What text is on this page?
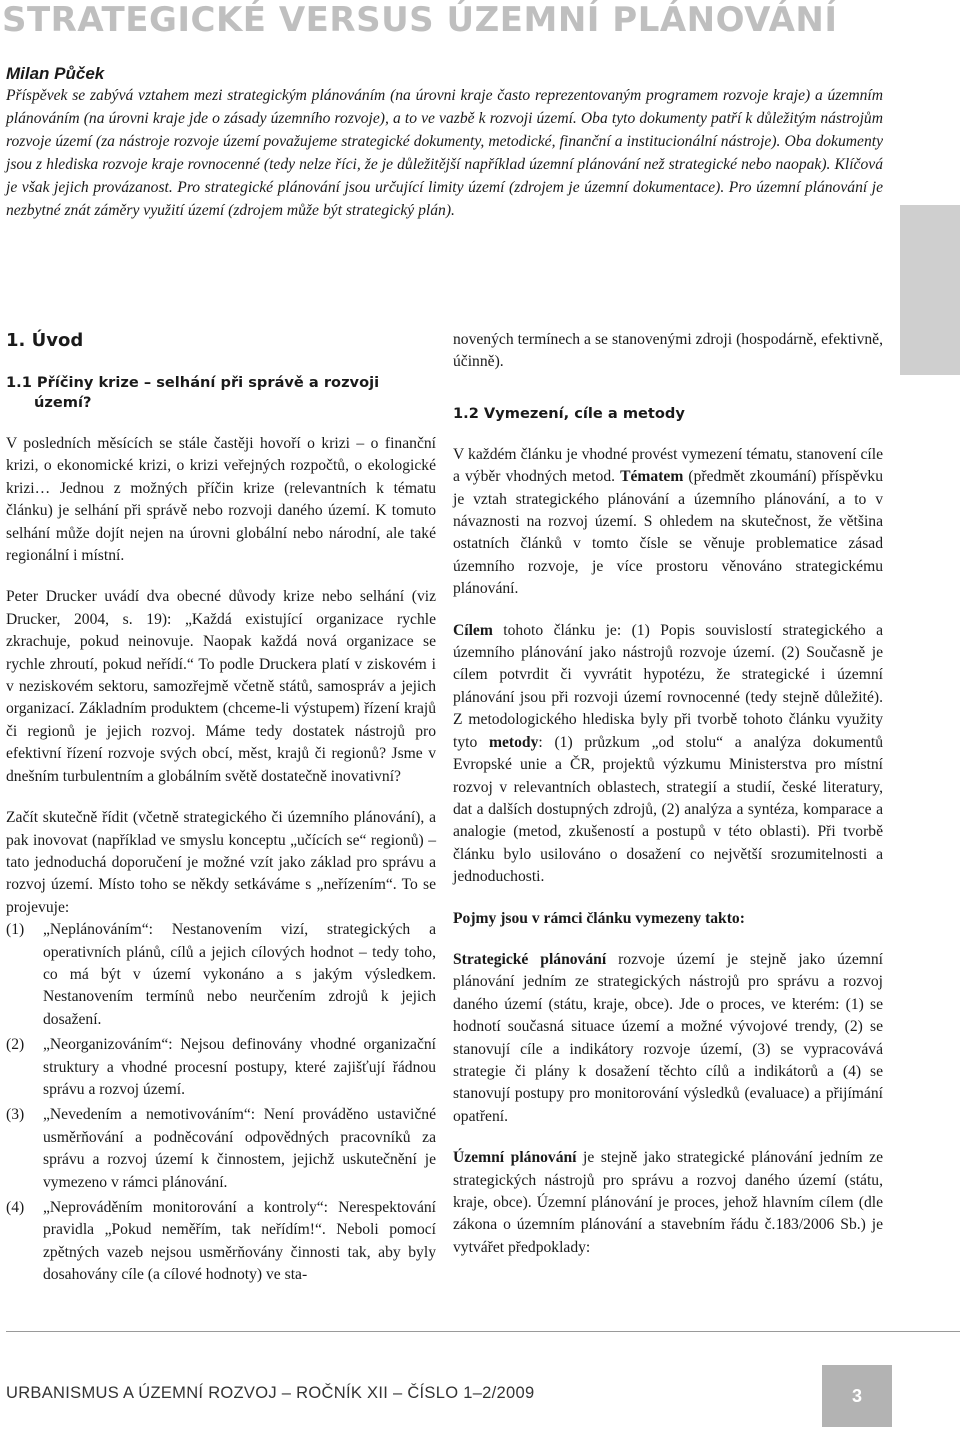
STRATEGICKÉ VERSUS ÚZEMNÍ PLÁNOVÁNÍ
Milan Půček

Příspěvek se zabývá vztahem mezi strategickým plánováním (na úrovni kraje často reprezentovaným programem rozvoje kraje) a územním plánováním (na úrovni kraje jde o zásady územního rozvoje), a to ve vazbě k rozvoji území. Oba tyto dokumenty patří k důležitým nástrojům rozvoje území (za nástroje rozvoje území považujeme strategické dokumenty, metodické, finanční a institucionální nástroje). Oba dokumenty jsou z hlediska rozvoje kraje rovnocenné (tedy nelze říci, že je důležitější například územní plánování než strategické nebo naopak). Klíčová je však jejich provázanost. Pro strategické plánování jsou určující limity území (zdrojem je územní dokumentace). Pro územní plánování je nezbytné znát záměry využití území (zdrojem může být strategický plán).

1. Úvod
1.1 Příčiny krize – selhání při správě a rozvoji území?

V posledních měsících se stále častěji hovoří o krizi – o finanční krizi, o ekonomické krizi, o krizi veřejných rozpočtů, o ekologické krizi… Jednou z možných příčin krize (relevantních k tématu článku) je selhání při správě nebo rozvoji daného území. K tomuto selhání může dojít nejen na úrovni globální nebo národní, ale také regionální i místní.

Peter Drucker uvádí dva obecné důvody krize nebo selhání (viz Drucker, 2004, s. 19): „Každá existující organizace rychle zkrachuje, pokud neinovuje. Naopak každá nová organizace se rychle zhroutí, pokud neřídí.“ To podle Druckera platí v ziskovém i v neziskovém sektoru, samozřejmě včetně států, samospráv a jejich organizací. Základním produktem (chceme-li výstupem) řízení krajů či regionů je jejich rozvoj. Máme tedy dostatek nástrojů pro efektivní řízení rozvoje svých obcí, měst, krajů či regionů? Jsme v dnešním turbulentním a globálním světě dostatečně inovativní?

Začít skutečně řídit (včetně strategického či územního plánování), a pak inovovat (například ve smyslu konceptu „učících se“ regionů) – tato jednoduchá doporučení je možné vzít jako základ pro správu a rozvoj území. Místo toho se někdy setkáváme s „neřízením“. To se projevuje:

(1) „Neplánováním“: Nestanovením vizí, strategických a operativních plánů, cílů a jejich cílových hodnot – tedy toho, co má být v území vykonáno a s jakým výsledkem. Nestanovením termínů nebo neurčením zdrojů k jejich dosažení.
(2) „Neorganizováním“: Nejsou definovány vhodné organizační struktury a vhodné procesní postupy, které zajišťují řádnou správu a rozvoj území.
(3) „Nevedením a nemotivováním“: Není prováděno ustavičné usměrňování a podněcování odpovědných pracovníků za správu a rozvoj území k činnostem, jejichž uskutečnění je vymezeno v rámci plánování.
(4) „Neprováděním monitorování a kontroly“: Nerespektování pravidla „Pokud neměřím, tak neřídím!“. Neboli pomocí zpětných vazeb nejsou usměrňovány činnosti tak, aby byly dosahovány cíle (a cílové hodnoty) ve sta-

novených termínech a se stanovenými zdroji (hospodárně, efektivně, účinně).

1.2 Vymezení, cíle a metody

V každém článku je vhodné provést vymezení tématu, stanovení cíle a výběr vhodných metod. Tématem (předmět zkoumání) příspěvku je vztah strategického plánování a územního plánování, a to v návaznosti na rozvoj území. S ohledem na skutečnost, že většina ostatních článků v tomto čísle se věnuje problematice zásad územního rozvoje, je více prostoru věnováno strategickému plánování.

Cílem tohoto článku je: (1) Popis souvislostí strategického a územního plánování jako nástrojů rozvoje území. (2) Současně je cílem potvrdit či vyvrátit hypotézu, že strategické i územní plánování jsou při rozvoji území rovnocenné (tedy stejně důležité). Z metodologického hlediska byly při tvorbě tohoto článku využity tyto metody: (1) průzkum „od stolu“ a analýza dokumentů Evropské unie a ČR, projektů výzkumu Ministerstva pro místní rozvoj v relevantních oblastech, strategií a studií, české literatury, dat a dalších dostupných zdrojů, (2) analýza a syntéza, komparace a analogie (metod, zkušeností a postupů v této oblasti). Při tvorbě článku bylo usilováno o dosažení co největší srozumitelnosti a jednoduchosti.

Pojmy jsou v rámci článku vymezeny takto:

Strategické plánování rozvoje území je stejně jako územní plánování jedním ze strategických nástrojů pro správu a rozvoj daného území (státu, kraje, obce). Jde o proces, ve kterém: (1) se hodnotí současná situace území a možné vývojové trendy, (2) se stanovují cíle a indikátory rozvoje území, (3) se vypracovává strategie či plány k dosažení těchto cílů a indikátorů a (4) se stanovují postupy pro monitorování výsledků (evaluace) a přijímání opatření.

Územní plánování je stejně jako strategické plánování jedním ze strategických nástrojů pro správu a rozvoj daného území (státu, kraje, obce). Územní plánování je proces, jehož hlavním cílem (dle zákona o územním plánování a stavebním řádu č.183/2006 Sb.) je vytvářet předpoklady:

URBANISMUS A ÚZEMNÍ ROZVOJ – ROČNÍK XII – ČÍSLO 1–2/2009	3
